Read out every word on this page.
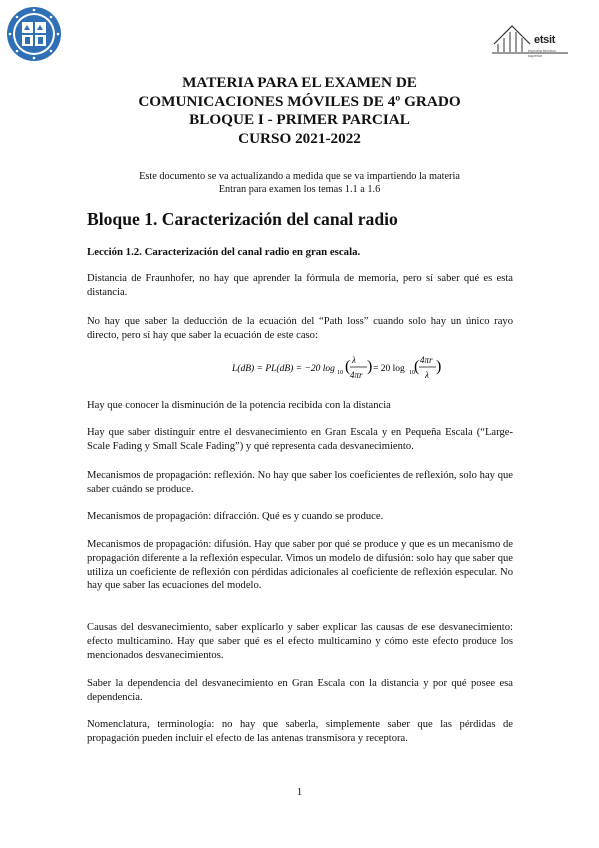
etsit
escuela técnica superior
MATERIA PARA EL EXAMEN DE
COMUNICACIONES MÓVILES DE 4º GRADO
BLOQUE I - PRIMER PARCIAL
CURSO 2021-2022
Este documento se va actualizando a medida que se va impartiendo la materia
Entran para examen los temas 1.1 a 1.6
Bloque 1. Caracterización del canal radio
Lección 1.2. Caracterización del canal radio en gran escala.
Distancia de Fraunhofer, no hay que aprender la fórmula de memoria, pero sí saber qué es esta distancia.
No hay que saber la deducción de la ecuación del “Path loss” cuando solo hay un único rayo directo, pero sí hay que saber la ecuación de este caso:
L(dB) = PL(dB) = −20 log 10 ( λ
4πr ) = 20 log 10 ( 4πr
λ )
Hay que conocer la disminución de la potencia recibida con la distancia
Hay que saber distinguir entre el desvanecimiento en Gran Escala y en Pequeña Escala (“Large-Scale Fading y Small Scale Fading”) y qué representa cada desvanecimiento.
Mecanismos de propagación: reflexión. No hay que saber los coeficientes de reflexión, solo hay que saber cuándo se produce.
Mecanismos de propagación: difracción. Qué es y cuando se produce.
Mecanismos de propagación: difusión. Hay que saber por qué se produce y que es un mecanismo de propagación diferente a la reflexión especular. Vimos un modelo de difusión: solo hay que saber que utiliza un coeficiente de reflexión con pérdidas adicionales al coeficiente de reflexión especular. No hay que saber las ecuaciones del modelo.
Causas del desvanecimiento, saber explicarlo y saber explicar las causas de ese desvanecimiento: efecto multicamino. Hay que saber qué es el efecto multicamino y cómo este efecto produce los mencionados desvanecimientos.
Saber la dependencia del desvanecimiento en Gran Escala con la distancia y por qué posee esa dependencia.
Nomenclatura, terminología: no hay que saberla, simplemente saber que las pérdidas de propagación pueden incluir el efecto de las antenas transmisora y receptora.
1
